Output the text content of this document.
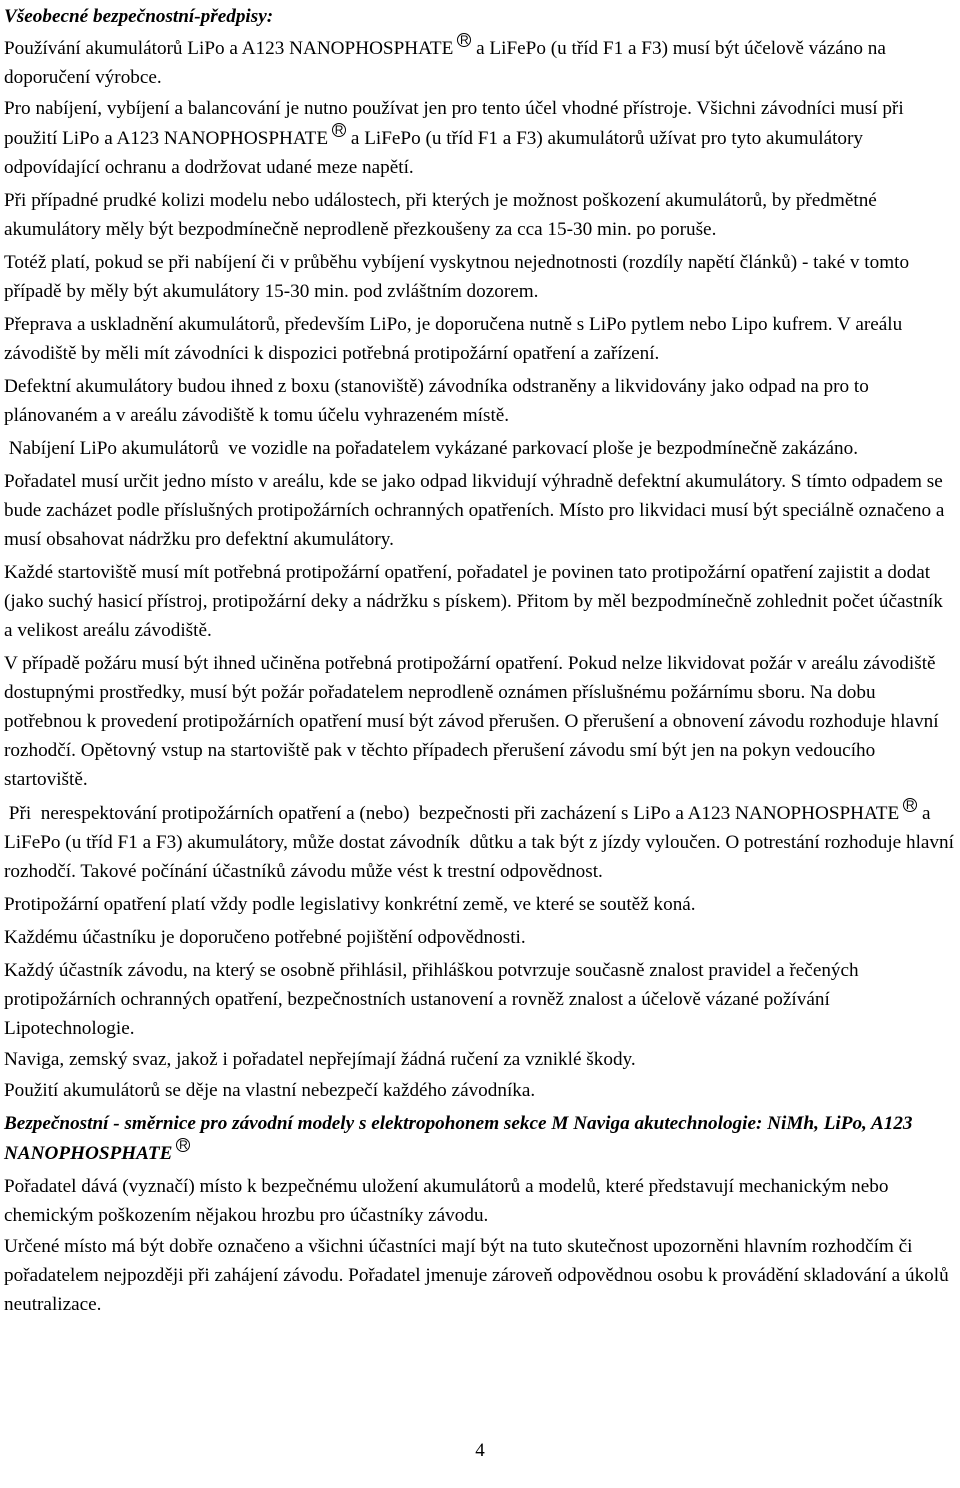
Všeobecné bezpečnostní-předpisy:
Používání akumulátorů LiPo a A123 NANOPHOSPHATE R a LiFePo (u tříd F1 a F3) musí být účelově vázáno na doporučení výrobce.
Pro nabíjení, vybíjení a balancování je nutno používat jen pro tento účel vhodné přístroje. Všichni závodníci musí při použití LiPo a A123 NANOPHOSPHATE R a LiFePo (u tříd F1 a F3) akumulátorů užívat pro tyto akumulátory odpovídající ochranu a dodržovat udané meze napětí.
Při případné prudké kolizi modelu nebo událostech, při kterých je možnost poškození akumulátorů, by předmětné akumulátory měly být bezpodmínečně neprodleně přezkoušeny za cca 15-30 min. po poruše.
Totéž platí, pokud se při nabíjení či v průběhu vybíjení vyskytnou nejednotnosti (rozdíly napětí článků) - také v tomto případě by měly být akumulátory 15-30 min. pod zvláštním dozorem.
Přeprava a uskladnění akumulátorů, především LiPo, je doporučena nutně s LiPo pytlem nebo Lipo kufrem. V areálu závodiště by měli mít závodníci k dispozici potřebná protipožární opatření a zařízení.
Defektní akumulátory budou ihned z boxu (stanoviště) závodníka odstraněny a likvidovány jako odpad na pro to plánovaném a v areálu závodiště k tomu účelu vyhrazeném místě.
Nabíjení LiPo akumulátorů  ve vozidle na pořadatelem vykázané parkovací ploše je bezpodmínečně zakázáno.
Pořadatel musí určit jedno místo v areálu, kde se jako odpad likvidují výhradně defektní akumulátory. S tímto odpadem se bude zacházet podle příslušných protipožárních ochranných opatřeních. Místo pro likvidaci musí být speciálně označeno a musí obsahovat nádržku pro defektní akumulátory.
Každé startoviště musí mít potřebná protipožární opatření, pořadatel je povinen tato protipožární opatření zajistit a dodat (jako suchý hasicí přístroj, protipožární deky a nádržku s pískem). Přitom by měl bezpodmínečně zohlednit počet účastník a velikost areálu závodiště.
V případě požáru musí být ihned učiněna potřebná protipožární opatření. Pokud nelze likvidovat požár v areálu závodiště dostupnými prostředky, musí být požár pořadatelem neprodleně oznámen příslušnému požárnímu sboru. Na dobu potřebnou k provedení protipožárních opatření musí být závod přerušen. O přerušení a obnovení závodu rozhoduje hlavní rozhodčí. Opětovný vstup na startoviště pak v těchto případech přerušení závodu smí být jen na pokyn vedoucího startoviště.
Při  nerespektování protipožárních opatření a (nebo)  bezpečnosti při zacházení s LiPo a A123 NANOPHOSPHATE R a LiFePo (u tříd F1 a F3) akumulátory, může dostat závodník  důtku a tak být z jízdy vyloučen. O potrestání rozhoduje hlavní rozhodčí. Takové počínání účastníků závodu může vést k trestní odpovědnost.
Protipožární opatření platí vždy podle legislativy konkrétní země, ve které se soutěž koná.
Každému účastníku je doporučeno potřebné pojištění odpovědnosti.
Každý účastník závodu, na který se osobně přihlásil, přihláškou potvrzuje současně znalost pravidel a řečených protipožárních ochranných opatření, bezpečnostních ustanovení a rovněž znalost a účelově vázané požívání Lipotechnologie.
Naviga, zemský svaz, jakož i pořadatel nepřejímají žádná ručení za vzniklé škody.
Použití akumulátorů se děje na vlastní nebezpečí každého závodníka.
Bezpečnostní - směrnice pro závodní modely s elektropohonem sekce M Naviga akutechnologie: NiMh, LiPo, A123 NANOPHOSPHATE R
Pořadatel dává (vyznačí) místo k bezpečnému uložení akumulátorů a modelů, které představují mechanickým nebo chemickým poškozením nějakou hrozbu pro účastníky závodu.
Určené místo má být dobře označeno a všichni účastníci mají být na tuto skutečnost upozorněni hlavním rozhodčím či pořadatelem nejpozději při zahájení závodu. Pořadatel jmenuje zároveň odpovědnou osobu k provádění skladování a úkolů neutralizace.
4
